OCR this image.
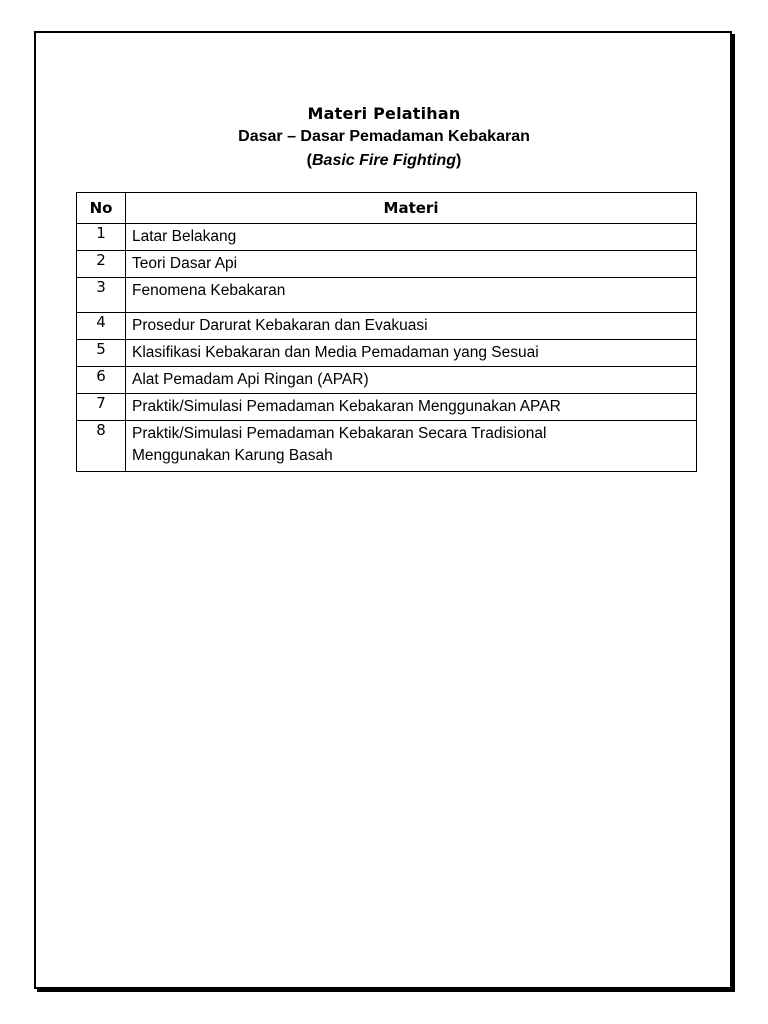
Materi Pelatihan
Dasar – Dasar Pemadaman Kebakaran
(Basic Fire Fighting)
No	Materi
1	Latar Belakang
2	Teori Dasar Api
3	Fenomena Kebakaran
4	Prosedur Darurat Kebakaran dan Evakuasi
5	Klasifikasi Kebakaran dan Media Pemadaman yang Sesuai
6	Alat Pemadam Api Ringan (APAR)
7	Praktik/Simulasi Pemadaman Kebakaran Menggunakan APAR
8	Praktik/Simulasi Pemadaman Kebakaran Secara Tradisional
Menggunakan Karung Basah
